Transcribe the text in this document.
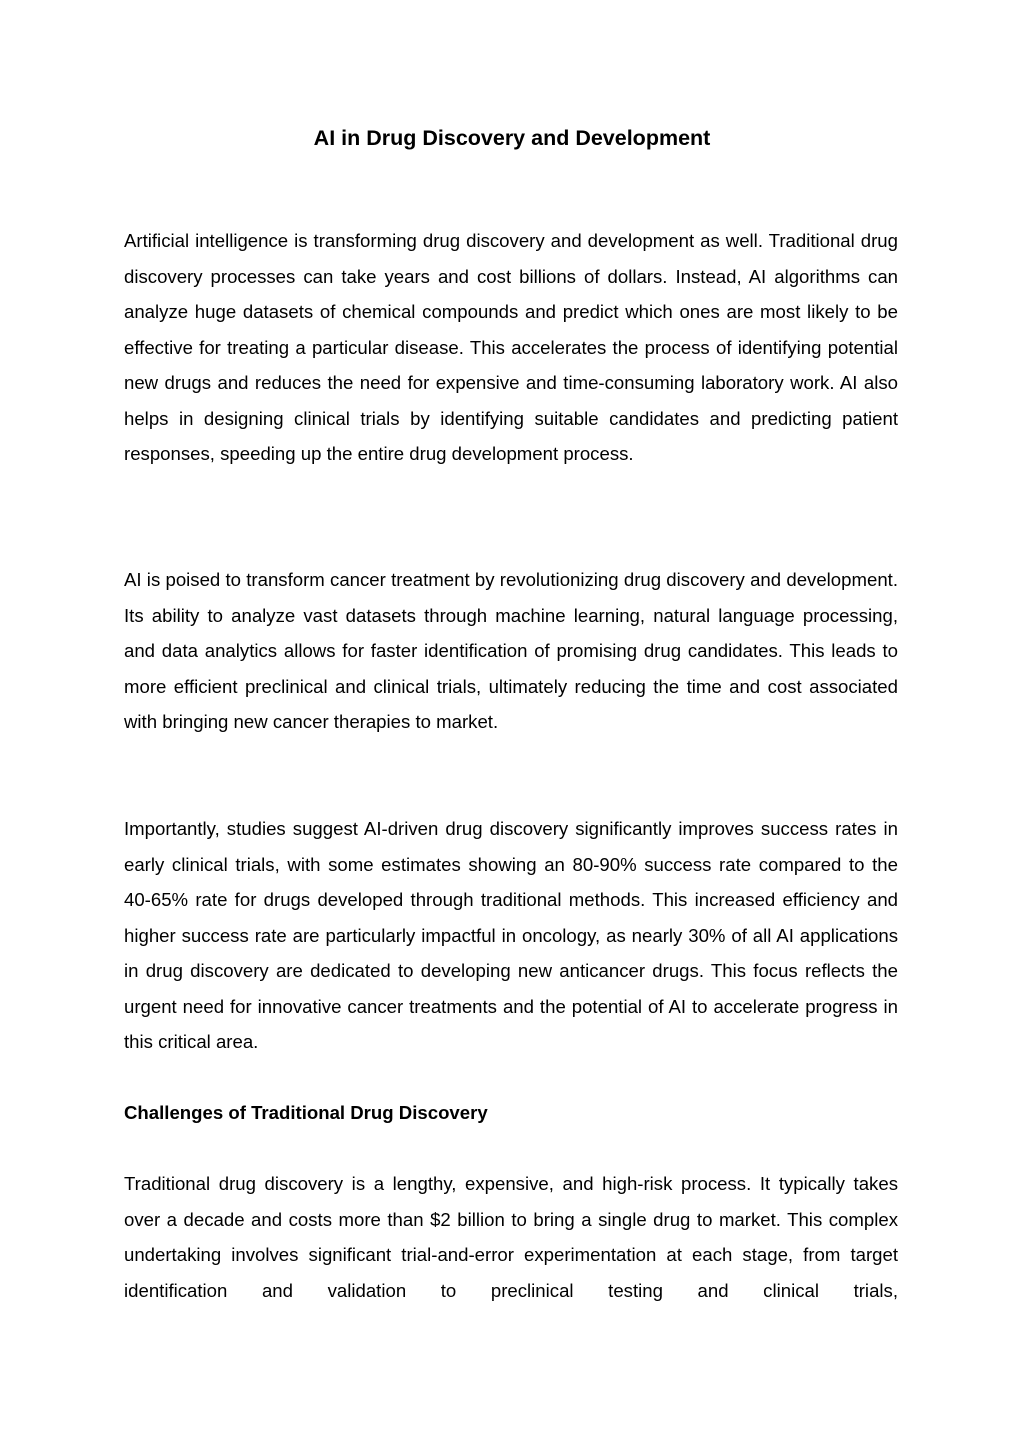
AI in Drug Discovery and Development

Artificial intelligence is transforming drug discovery and development as well. Traditional drug discovery processes can take years and cost billions of dollars. Instead, AI algorithms can analyze huge datasets of chemical compounds and predict which ones are most likely to be effective for treating a particular disease. This accelerates the process of identifying potential new drugs and reduces the need for expensive and time-consuming laboratory work. AI also helps in designing clinical trials by identifying suitable candidates and predicting patient responses, speeding up the entire drug development process.

AI is poised to transform cancer treatment by revolutionizing drug discovery and development. Its ability to analyze vast datasets through machine learning, natural language processing, and data analytics allows for faster identification of promising drug candidates. This leads to more efficient preclinical and clinical trials, ultimately reducing the time and cost associated with bringing new cancer therapies to market.

Importantly, studies suggest AI-driven drug discovery significantly improves success rates in early clinical trials, with some estimates showing an 80-90% success rate compared to the 40-65% rate for drugs developed through traditional methods. This increased efficiency and higher success rate are particularly impactful in oncology, as nearly 30% of all AI applications in drug discovery are dedicated to developing new anticancer drugs. This focus reflects the urgent need for innovative cancer treatments and the potential of AI to accelerate progress in this critical area.

Challenges of Traditional Drug Discovery

Traditional drug discovery is a lengthy, expensive, and high-risk process. It typically takes over a decade and costs more than $2 billion to bring a single drug to market. This complex undertaking involves significant trial-and-error experimentation at each stage, from target identification and validation to preclinical testing and clinical trials,
